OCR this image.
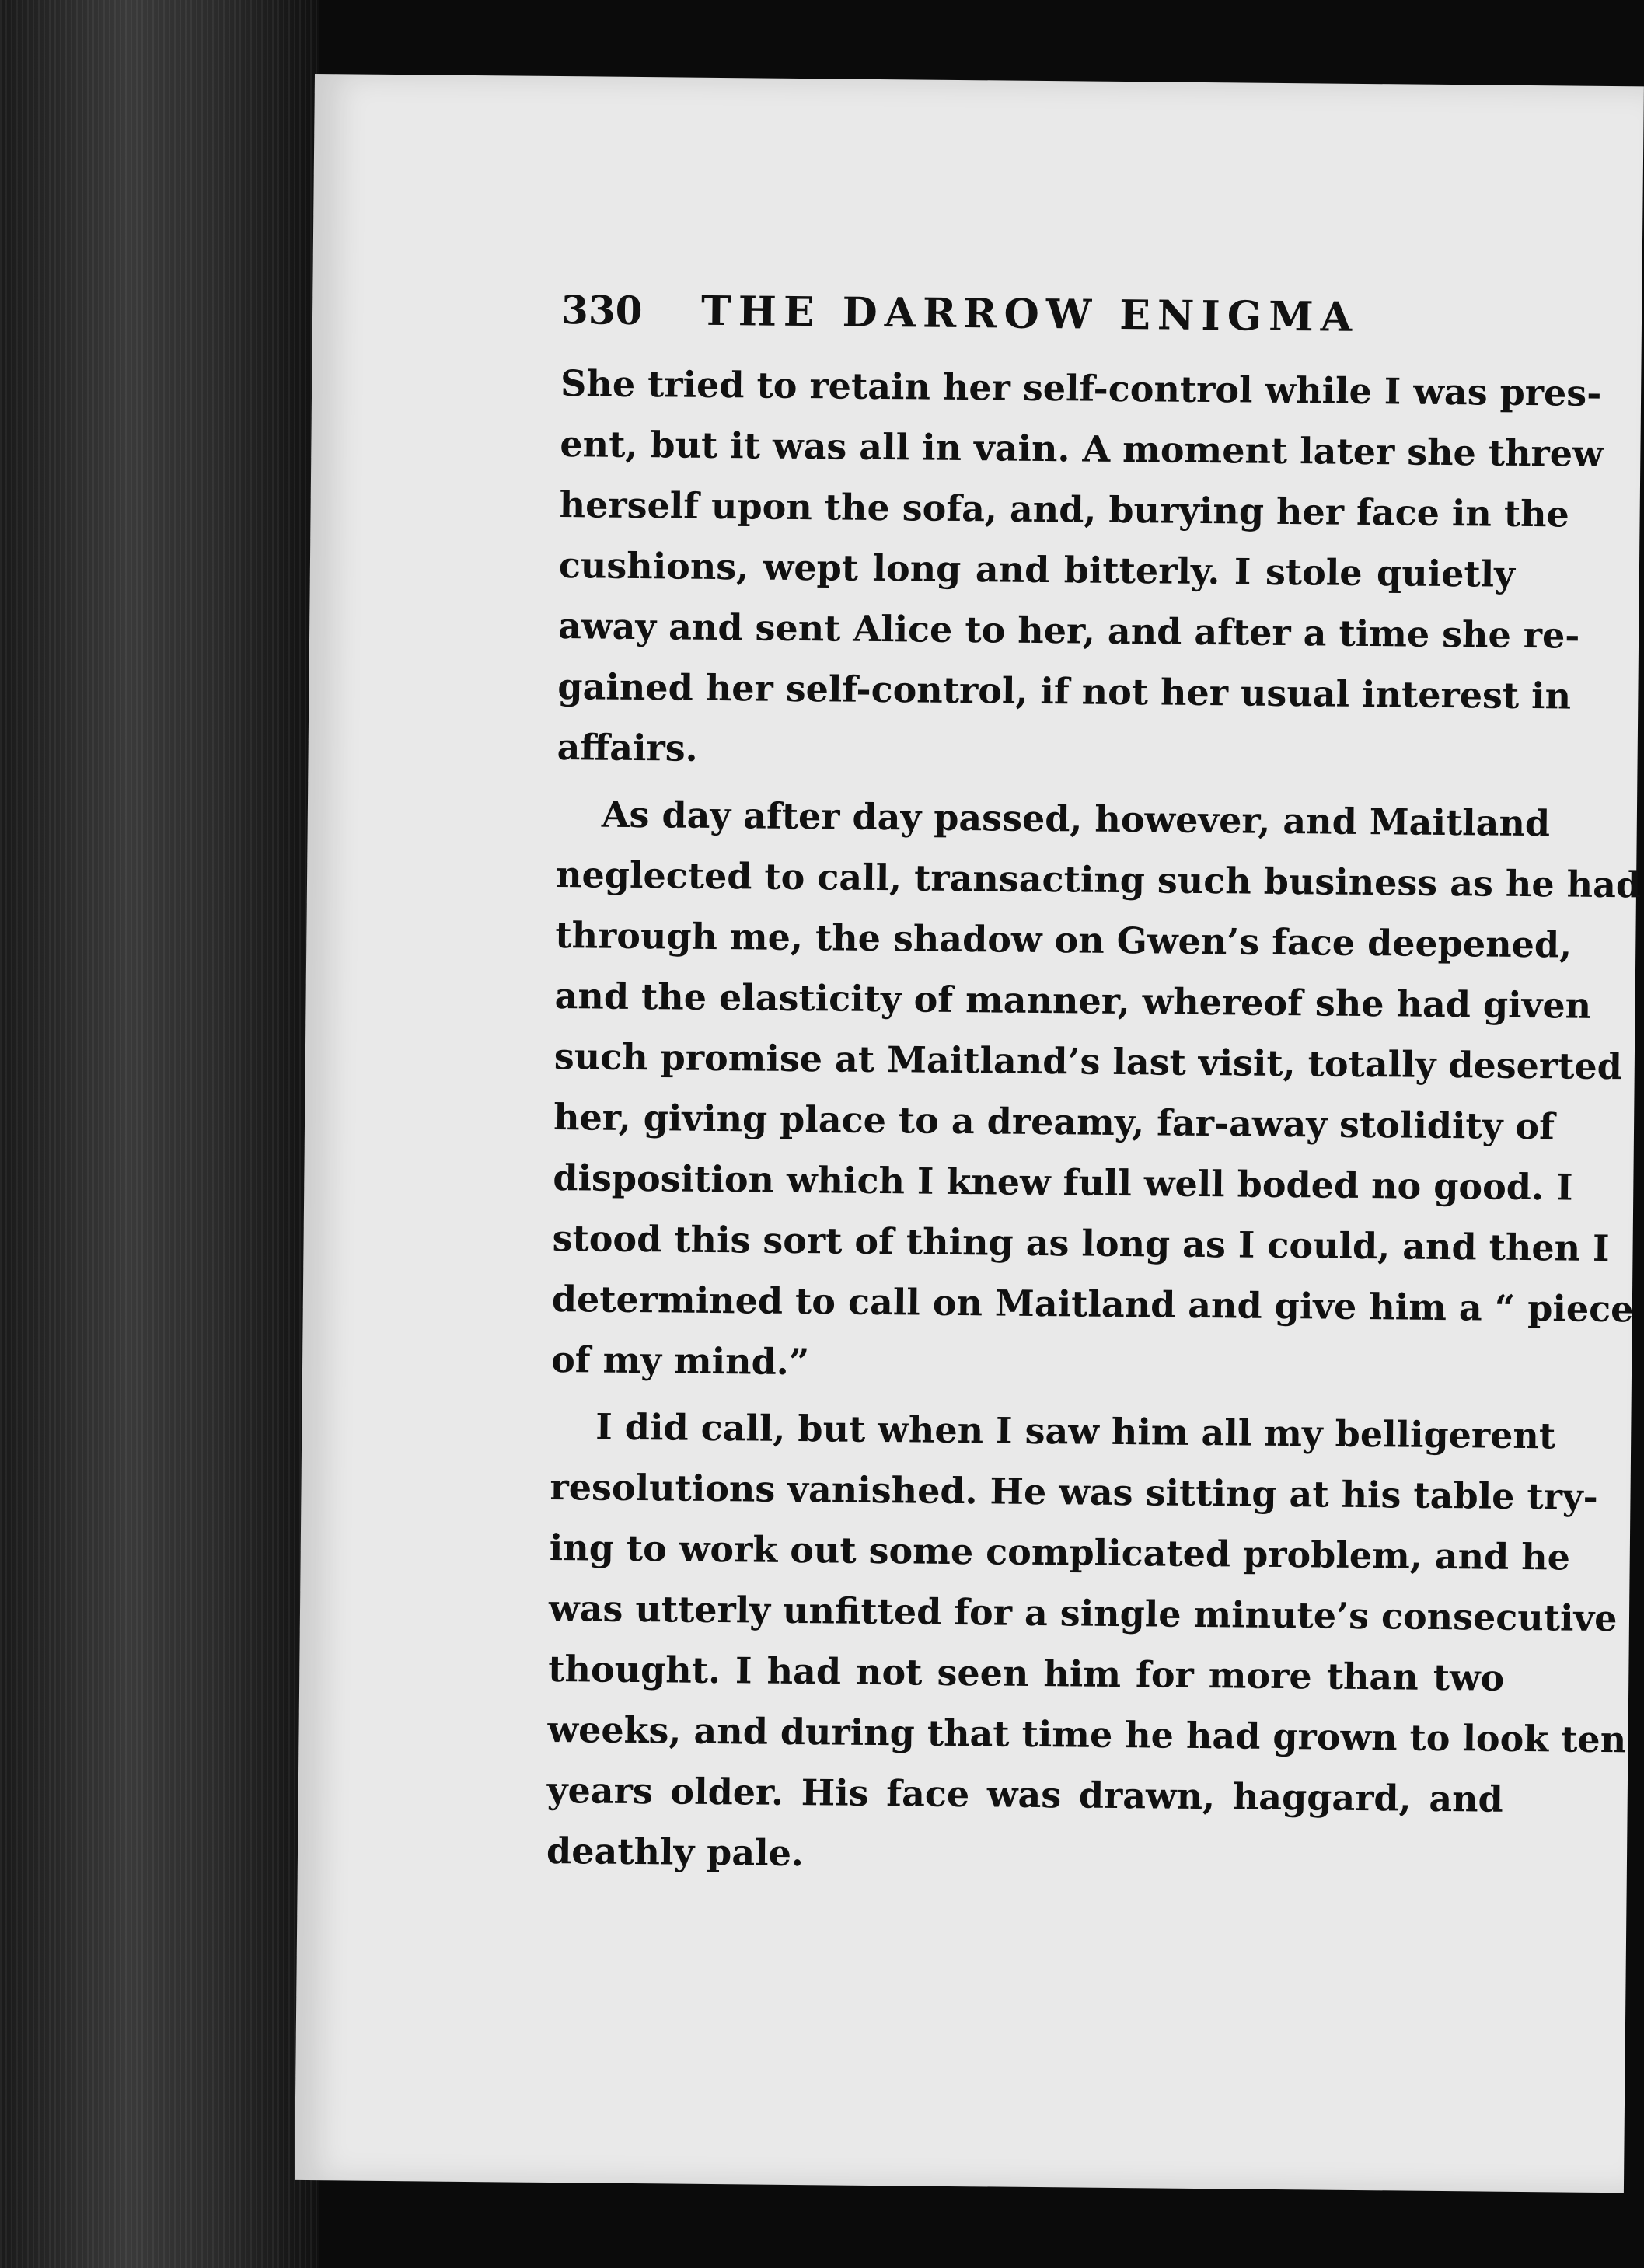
330	THE DARROW ENIGMA
She tried to retain her self-control while I was pres-
ent, but it was all in vain. A moment later she threw
herself upon the sofa, and, burying her face in the
cushions, wept long and bitterly. I stole quietly
away and sent Alice to her, and after a time she re-
gained her self-control, if not her usual interest in
affairs.
As day after day passed, however, and Maitland
neglected to call, transacting such business as he had
through me, the shadow on Gwen’s face deepened,
and the elasticity of manner, whereof she had given
such promise at Maitland’s last visit, totally deserted
her, giving place to a dreamy, far-away stolidity of
disposition which I knew full well boded no good. I
stood this sort of thing as long as I could, and then I
determined to call on Maitland and give him a “ piece
of my mind.”
I did call, but when I saw him all my belligerent
resolutions vanished. He was sitting at his table try-
ing to work out some complicated problem, and he
was utterly unfitted for a single minute’s consecutive
thought. I had not seen him for more than two
weeks, and during that time he had grown to look ten
years older. His face was drawn, haggard, and
deathly pale.
